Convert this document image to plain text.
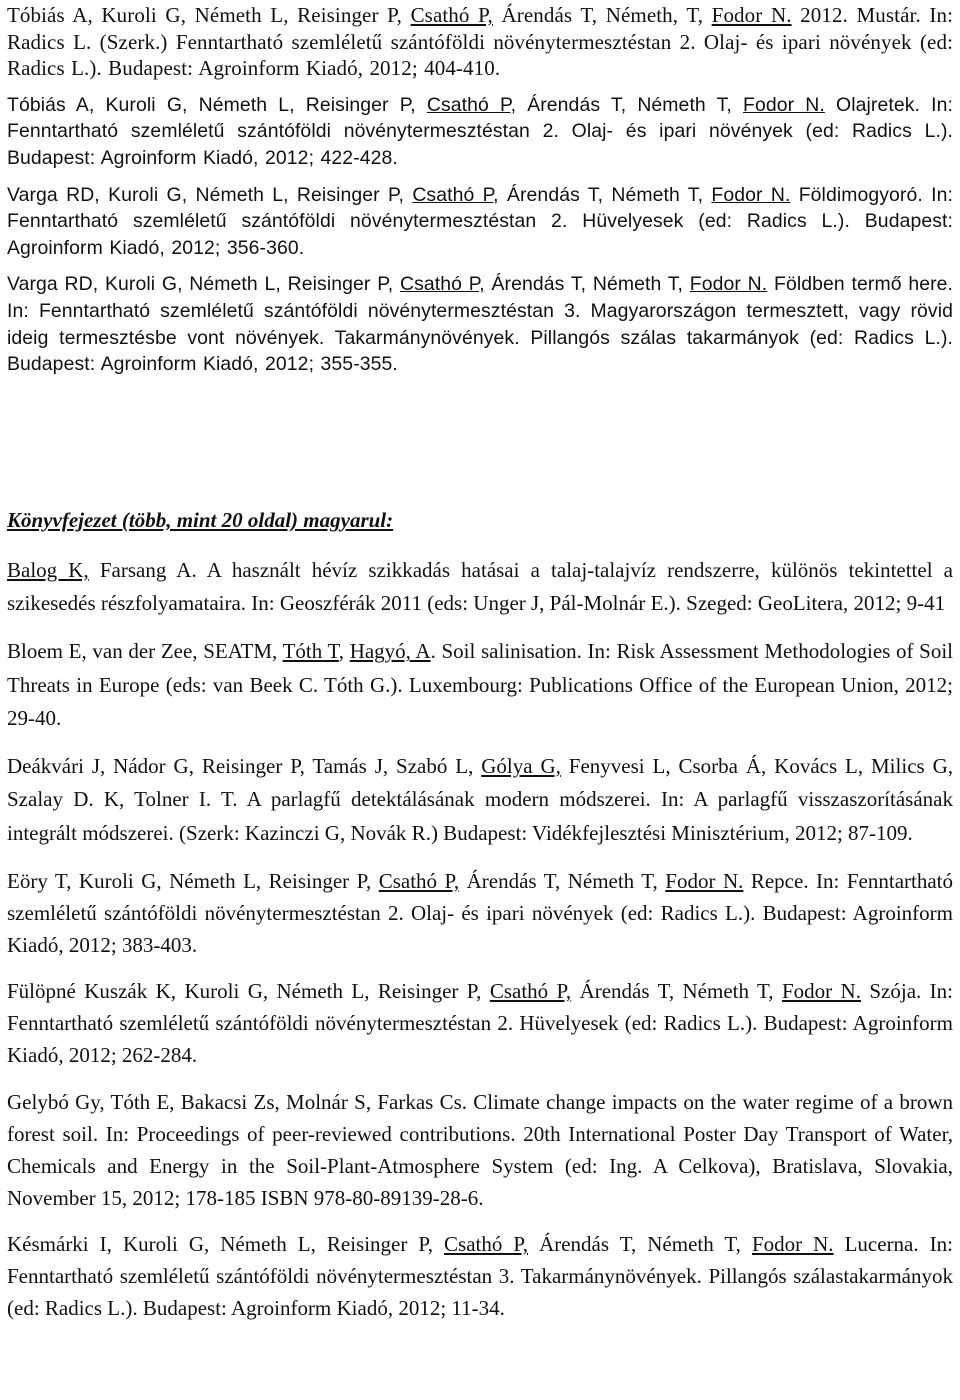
Tóbiás A, Kuroli G, Németh L, Reisinger P, Csathó P, Árendás T, Németh, T, Fodor N. 2012. Mustár. In: Radics L. (Szerk.) Fenntartható szemléletű szántóföldi növénytermesztéstan 2. Olaj- és ipari növények (ed: Radics L.). Budapest: Agroinform Kiadó, 2012; 404-410.

Tóbiás A, Kuroli G, Németh L, Reisinger P, Csathó P, Árendás T, Németh T, Fodor N. Olajretek. In: Fenntartható szemléletű szántóföldi növénytermesztéstan 2. Olaj- és ipari növények (ed: Radics L.). Budapest: Agroinform Kiadó, 2012; 422-428.

Varga RD, Kuroli G, Németh L, Reisinger P, Csathó P, Árendás T, Németh T, Fodor N. Földimogyoró. In: Fenntartható szemléletű szántóföldi növénytermesztéstan 2. Hüvelyesek (ed: Radics L.). Budapest: Agroinform Kiadó, 2012; 356-360.

Varga RD, Kuroli G, Németh L, Reisinger P, Csathó P, Árendás T, Németh T, Fodor N. Földben termő here. In: Fenntartható szemléletű szántóföldi növénytermesztéstan 3. Magyarországon termesztett, vagy rövid ideig termesztésbe vont növények. Takarmánynövények. Pillangós szálas takarmányok (ed: Radics L.). Budapest: Agroinform Kiadó, 2012; 355-355.

Könyvfejezet (több, mint 20 oldal) magyarul:

Balog K, Farsang A. A használt hévíz szikkadás hatásai a talaj-talajvíz rendszerre, különös tekintettel a szikesedés részfolyamataira. In: Geoszférák 2011 (eds: Unger J, Pál-Molnár E.). Szeged: GeoLitera, 2012; 9-41

Bloem E, van der Zee, SEATM, Tóth T, Hagyó, A. Soil salinisation. In: Risk Assessment Methodologies of Soil Threats in Europe (eds: van Beek C. Tóth G.). Luxembourg: Publications Office of the European Union, 2012; 29-40.

Deákvári J, Nádor G, Reisinger P, Tamás J, Szabó L, Gólya G, Fenyvesi L, Csorba Á, Kovács L, Milics G, Szalay D. K, Tolner I. T. A parlagfű detektálásának modern módszerei. In: A parlagfű visszaszorításának integrált módszerei. (Szerk: Kazinczi G, Novák R.) Budapest: Vidékfejlesztési Minisztérium, 2012; 87-109.

Eöry T, Kuroli G, Németh L, Reisinger P, Csathó P, Árendás T, Németh T, Fodor N. Repce. In: Fenntartható szemléletű szántóföldi növénytermesztéstan 2. Olaj- és ipari növények (ed: Radics L.). Budapest: Agroinform Kiadó, 2012; 383-403.

Fülöpné Kuszák K, Kuroli G, Németh L, Reisinger P, Csathó P, Árendás T, Németh T, Fodor N. Szója. In: Fenntartható szemléletű szántóföldi növénytermesztéstan 2. Hüvelyesek (ed: Radics L.). Budapest: Agroinform Kiadó, 2012; 262-284.

Gelybó Gy, Tóth E, Bakacsi Zs, Molnár S, Farkas Cs. Climate change impacts on the water regime of a brown forest soil. In: Proceedings of peer-reviewed contributions. 20th International Poster Day Transport of Water, Chemicals and Energy in the Soil-Plant-Atmosphere System (ed: Ing. A Celkova), Bratislava, Slovakia, November 15, 2012; 178-185 ISBN 978-80-89139-28-6.

Késmárki I, Kuroli G, Németh L, Reisinger P, Csathó P, Árendás T, Németh T, Fodor N. Lucerna. In: Fenntartható szemléletű szántóföldi növénytermesztéstan 3. Takarmánynövények. Pillangós szálastakarmányok (ed: Radics L.). Budapest: Agroinform Kiadó, 2012; 11-34.
